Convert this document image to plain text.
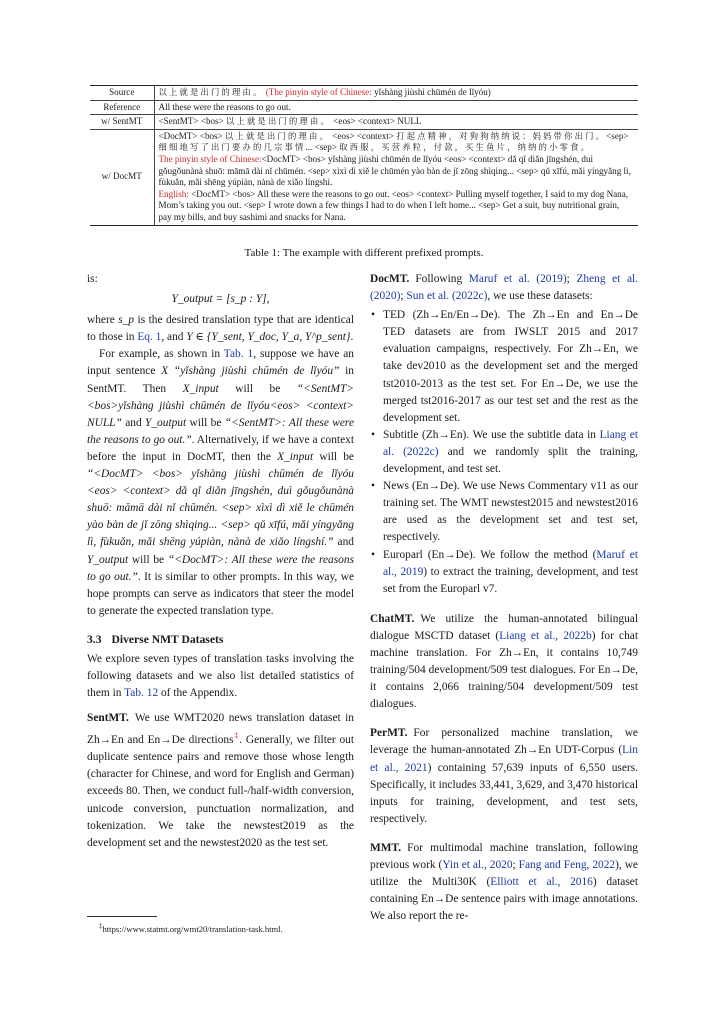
Source	以上就是出门的理由。 (The pinyin style of Chinese: yǐshàng jiùshì chūmén de lǐyóu)
Reference	All these were the reasons to go out.
w/ SentMT	<SentMT> <bos> 以上就是出门的理由。 <eos> <context> NULL
w/ DocMT	<DocMT> <bos> 以上就是出门的理由。 <eos> <context> 打起点精神，对狗狗纳纳说：妈妈带你出门。<sep> 细细地写了出门要办的几宗事情... <sep> 取西服，买营养粒，付款，买生鱼片，纳纳的小零食。
The pinyin style of Chinese:<DocMT> <bos> yǐshàng jiùshì chūmén de lǐyóu <eos> <context> dǎ qǐ diǎn jīngshén, duì gǒugǒunànà shuō: māmā dài nǐ chūmén. <sep> xìxì dì xiě le chūmén yào bàn de jǐ zōng shìqing... <sep> qǔ xīfú, mǎi yíngyǎng lì, fùkuǎn, mǎi shēng yúpiàn, nànà de xiǎo língshí.
English: <DocMT> <bos> All these were the reasons to go out. <eos> <context> Pulling myself together, I said to my dog Nana, Mom’s taking you out. <sep> I wrote down a few things I had to do when I left home... <sep> Get a suit, buy nutritional grain, pay my bills, and buy sashimi and snacks for Nana.
Table 1: The example with different prefixed prompts.

is:

Y_output = [s_p : Y],

where s_p is the desired translation type that are identical to those in Eq. 1, and Y ∈ {Y_sent, Y_doc, Y_a, Y^p_sent}.

For example, as shown in Tab. 1, suppose we have an input sentence X “yǐshàng jiùshì chūmén de lǐyóu” in SentMT. Then X_input will be “<SentMT> <bos>yǐshàng jiùshì chūmén de lǐyóu<eos> <context> NULL” and Y_output will be “<SentMT>: All these were the reasons to go out.”. Alternatively, if we have a context before the input in DocMT, then the X_input will be “<DocMT> <bos> yǐshàng jiùshì chūmén de lǐyóu <eos> <context> dǎ qǐ diǎn jīngshén, duì gǒugǒunànà shuō: māmā dài nǐ chūmén. <sep> xìxì dì xiě le chūmén yào bàn de jǐ zōng shìqing... <sep> qǔ xīfú, mǎi yíngyǎng lì, fùkuǎn, mǎi shēng yúpiàn, nànà de xiǎo língshí.” and Y_output will be “<DocMT>: All these were the reasons to go out.”. It is similar to other prompts. In this way, we hope prompts can serve as indicators that steer the model to generate the expected translation type.

3.3 Diverse NMT Datasets

We explore seven types of translation tasks involving the following datasets and we also list detailed statistics of them in Tab. 12 of the Appendix.

SentMT. We use WMT2020 news translation dataset in Zh→En and En→De directions‡. Generally, we filter out duplicate sentence pairs and remove those whose length (character for Chinese, and word for English and German) exceeds 80. Then, we conduct full-/half-width conversion, unicode conversion, punctuation normalization, and tokenization. We take the newstest2019 as the development set and the newstest2020 as the test set.

‡https://www.statmt.org/wmt20/translation-task.html.

DocMT. Following Maruf et al. (2019); Zheng et al. (2020); Sun et al. (2022c), we use these datasets:

• TED (Zh→En/En→De). The Zh→En and En→De TED datasets are from IWSLT 2015 and 2017 evaluation campaigns, respectively. For Zh→En, we take dev2010 as the development set and the merged tst2010-2013 as the test set. For En→De, we use the merged tst2016-2017 as our test set and the rest as the development set.
• Subtitle (Zh→En). We use the subtitle data in Liang et al. (2022c) and we randomly split the training, development, and test set.
• News (En→De). We use News Commentary v11 as our training set. The WMT newstest2015 and newstest2016 are used as the development set and test set, respectively.
• Europarl (En→De). We follow the method (Maruf et al., 2019) to extract the training, development, and test set from the Europarl v7.

ChatMT. We utilize the human-annotated bilingual dialogue MSCTD dataset (Liang et al., 2022b) for chat machine translation. For Zh→En, it contains 10,749 training/504 development/509 test dialogues. For En→De, it contains 2,066 training/504 development/509 test dialogues.

PerMT. For personalized machine translation, we leverage the human-annotated Zh→En UDT-Corpus (Lin et al., 2021) containing 57,639 inputs of 6,550 users. Specifically, it includes 33,441, 3,629, and 3,470 historical inputs for training, development, and test sets, respectively.

MMT. For multimodal machine translation, following previous work (Yin et al., 2020; Fang and Feng, 2022), we utilize the Multi30K (Elliott et al., 2016) dataset containing En→De sentence pairs with image annotations. We also report the re-
